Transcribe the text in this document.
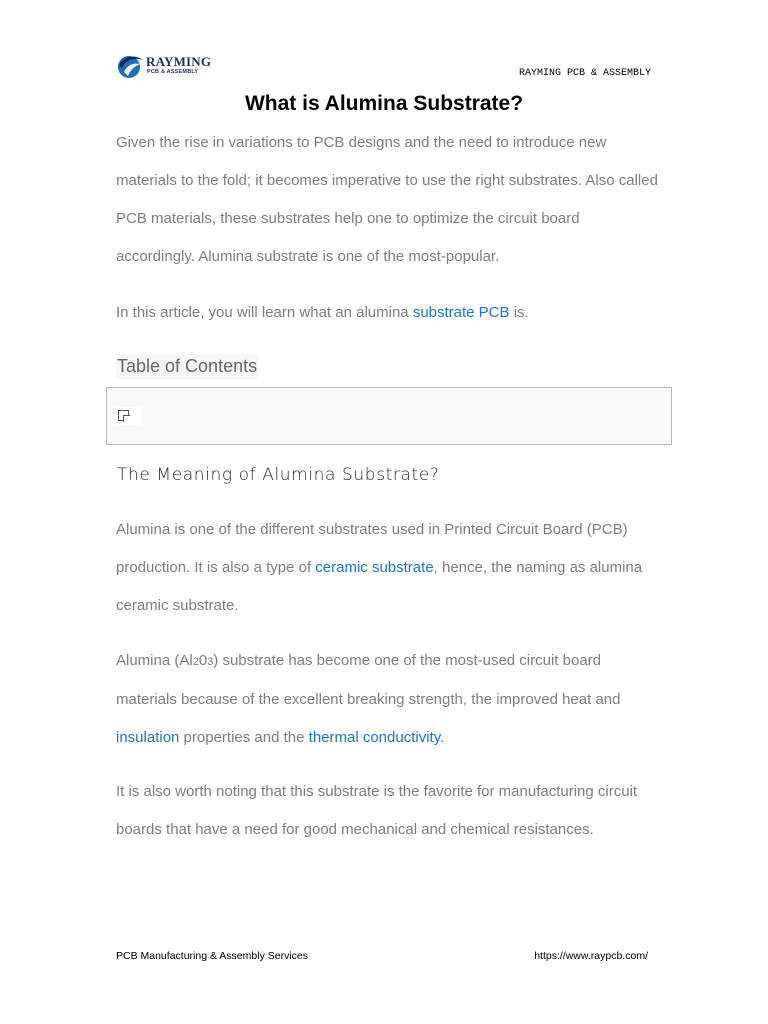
RAYMING
PCB & ASSEMBLY	RAYMING PCB & ASSEMBLY
What is Alumina Substrate?

Given the rise in variations to PCB designs and the need to introduce new materials to the fold; it becomes imperative to use the right substrates. Also called PCB materials, these substrates help one to optimize the circuit board accordingly. Alumina substrate is one of the most-popular.

In this article, you will learn what an alumina substrate PCB is.

Table of Contents
The Meaning of Alumina Substrate?

Alumina is one of the different substrates used in Printed Circuit Board (PCB) production. It is also a type of ceramic substrate, hence, the naming as alumina ceramic substrate.

Alumina (Al203) substrate has become one of the most-used circuit board materials because of the excellent breaking strength, the improved heat and insulation properties and the thermal conductivity.

It is also worth noting that this substrate is the favorite for manufacturing circuit boards that have a need for good mechanical and chemical resistances.

PCB Manufacturing & Assembly Services	https://www.raypcb.com/
